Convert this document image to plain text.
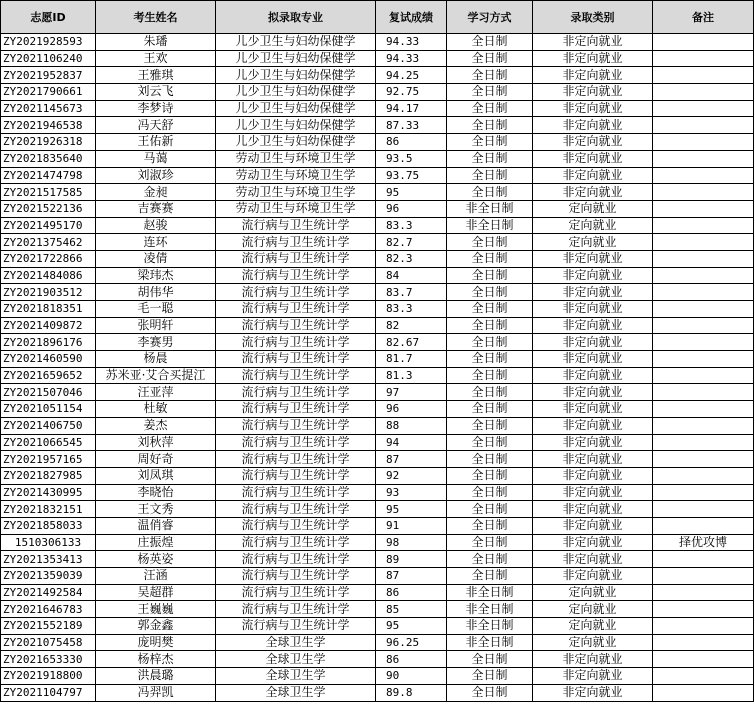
志愿ID	考生姓名	拟录取专业	复试成绩	学习方式	录取类别	备注
ZY2021928593	朱璠	儿少卫生与妇幼保健学	94.33	全日制	非定向就业	
ZY2021106240	王欢	儿少卫生与妇幼保健学	94.33	全日制	非定向就业	
ZY2021952837	王雅琪	儿少卫生与妇幼保健学	94.25	全日制	非定向就业	
ZY2021790661	刘云飞	儿少卫生与妇幼保健学	92.75	全日制	非定向就业	
ZY2021145673	李梦诗	儿少卫生与妇幼保健学	94.17	全日制	非定向就业	
ZY2021946538	冯天舒	儿少卫生与妇幼保健学	87.33	全日制	非定向就业	
ZY2021926318	王佑新	儿少卫生与妇幼保健学	86	全日制	非定向就业	
ZY2021835640	马蔼	劳动卫生与环境卫生学	93.5	全日制	非定向就业	
ZY2021474798	刘淑珍	劳动卫生与环境卫生学	93.75	全日制	非定向就业	
ZY2021517585	金昶	劳动卫生与环境卫生学	95	全日制	非定向就业	
ZY2021522136	吉赛赛	劳动卫生与环境卫生学	96	非全日制	定向就业	
ZY2021495170	赵骏	流行病与卫生统计学	83.3	非全日制	定向就业	
ZY2021375462	连环	流行病与卫生统计学	82.7	全日制	定向就业	
ZY2021722866	凌倩	流行病与卫生统计学	82.3	全日制	非定向就业	
ZY2021484086	梁玮杰	流行病与卫生统计学	84	全日制	非定向就业	
ZY2021903512	胡伟华	流行病与卫生统计学	83.7	全日制	非定向就业	
ZY2021818351	毛一聪	流行病与卫生统计学	83.3	全日制	非定向就业	
ZY2021409872	张明轩	流行病与卫生统计学	82	全日制	非定向就业	
ZY2021896176	李赛男	流行病与卫生统计学	82.67	全日制	非定向就业	
ZY2021460590	杨晨	流行病与卫生统计学	81.7	全日制	非定向就业	
ZY2021659652	苏米亚·艾合买提江	流行病与卫生统计学	81.3	全日制	非定向就业	
ZY2021507046	汪亚萍	流行病与卫生统计学	97	全日制	非定向就业	
ZY2021051154	杜敏	流行病与卫生统计学	96	全日制	非定向就业	
ZY2021406750	姜杰	流行病与卫生统计学	88	全日制	非定向就业	
ZY2021066545	刘秋萍	流行病与卫生统计学	94	全日制	非定向就业	
ZY2021957165	周好奇	流行病与卫生统计学	87	全日制	非定向就业	
ZY2021827985	刘凤琪	流行病与卫生统计学	92	全日制	非定向就业	
ZY2021430995	李晓怡	流行病与卫生统计学	93	全日制	非定向就业	
ZY2021832151	王文秀	流行病与卫生统计学	95	全日制	非定向就业	
ZY2021858033	温俏睿	流行病与卫生统计学	91	全日制	非定向就业	
1510306133	庄振煌	流行病与卫生统计学	98	全日制	非定向就业	择优攻博
ZY2021353413	杨英姿	流行病与卫生统计学	89	全日制	非定向就业	
ZY2021359039	汪涵	流行病与卫生统计学	87	全日制	非定向就业	
ZY2021492584	吴超群	流行病与卫生统计学	86	非全日制	定向就业	
ZY2021646783	王巍巍	流行病与卫生统计学	85	非全日制	定向就业	
ZY2021552189	郭金鑫	流行病与卫生统计学	95	非全日制	定向就业	
ZY2021075458	庞明樊	全球卫生学	96.25	非全日制	定向就业	
ZY2021653330	杨梓杰	全球卫生学	86	全日制	非定向就业	
ZY2021918800	洪晨璐	全球卫生学	90	全日制	非定向就业	
ZY2021104797	冯羿凯	全球卫生学	89.8	全日制	非定向就业	
